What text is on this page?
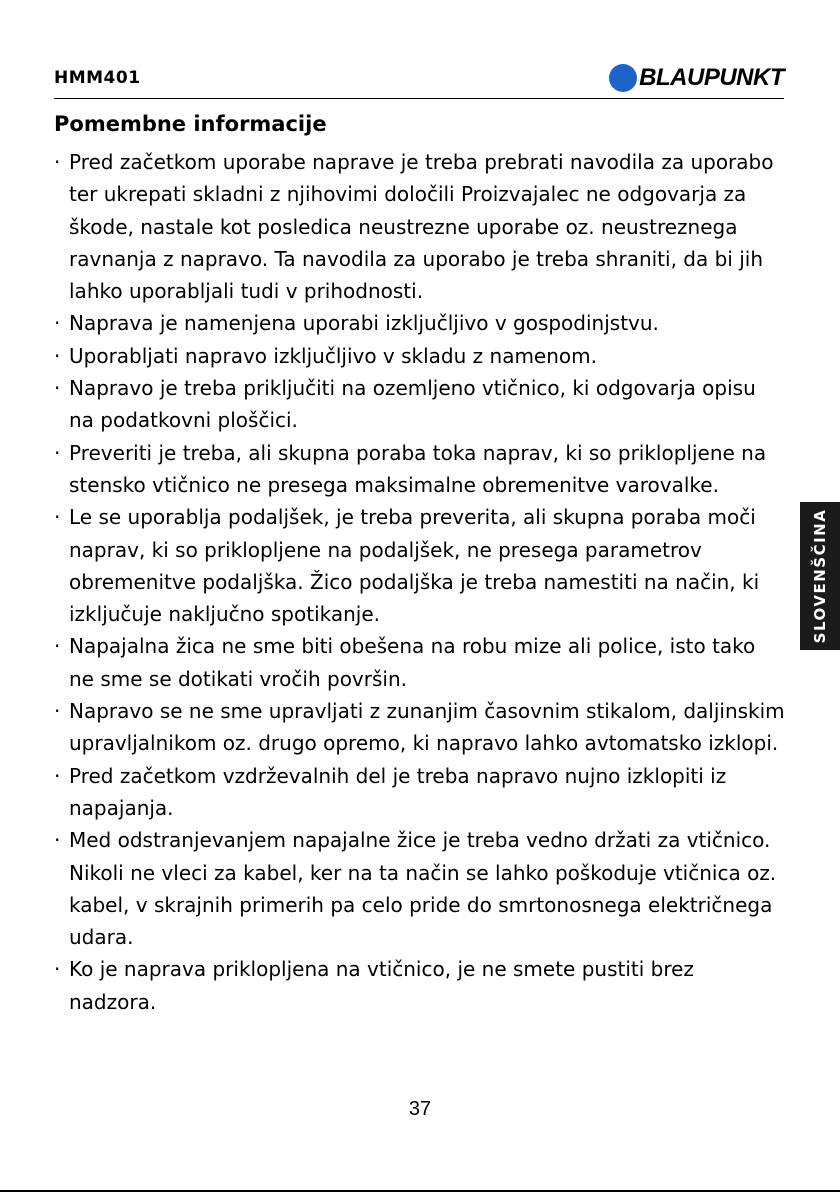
HMM401	BLAUPUNKT
Pomembne informacije
· Pred začetkom uporabe naprave je treba prebrati navodila za uporabo ter ukrepati skladni z njihovimi določili Proizvajalec ne odgovarja za škode, nastale kot posledica neustrezne uporabe oz. neustreznega ravnanja z napravo. Ta navodila za uporabo je treba shraniti, da bi jih lahko uporabljali tudi v prihodnosti.
· Naprava je namenjena uporabi izključljivo v gospodinjstvu.
· Uporabljati napravo izključljivo v skladu z namenom.
· Napravo je treba priključiti na ozemljeno vtičnico, ki odgovarja opisu na podatkovni ploščici.
· Preveriti je treba, ali skupna poraba toka naprav, ki so priklopljene na stensko vtičnico ne presega maksimalne obremenitve varovalke.
· Le se uporablja podaljšek, je treba preverita, ali skupna poraba moči naprav, ki so priklopljene na podaljšek, ne presega parametrov obremenitve podaljška. Žico podaljška je treba namestiti na način, ki izključuje naključno spotikanje.
· Napajalna žica ne sme biti obešena na robu mize ali police, isto tako ne sme se dotikati vročih površin.
· Napravo se ne sme upravljati z zunanjim časovnim stikalom, daljinskim upravljalnikom oz. drugo opremo, ki napravo lahko avtomatsko izklopi.
· Pred začetkom vzdrževalnih del je treba napravo nujno izklopiti iz napajanja.
· Med odstranjevanjem napajalne žice je treba vedno držati za vtičnico. Nikoli ne vleci za kabel, ker na ta način se lahko poškoduje vtičnica oz. kabel, v skrajnih primerih pa celo pride do smrtonosnega električnega udara.
· Ko je naprava priklopljena na vtičnico, je ne smete pustiti brez nadzora.
SLOVENŠČINA
37
